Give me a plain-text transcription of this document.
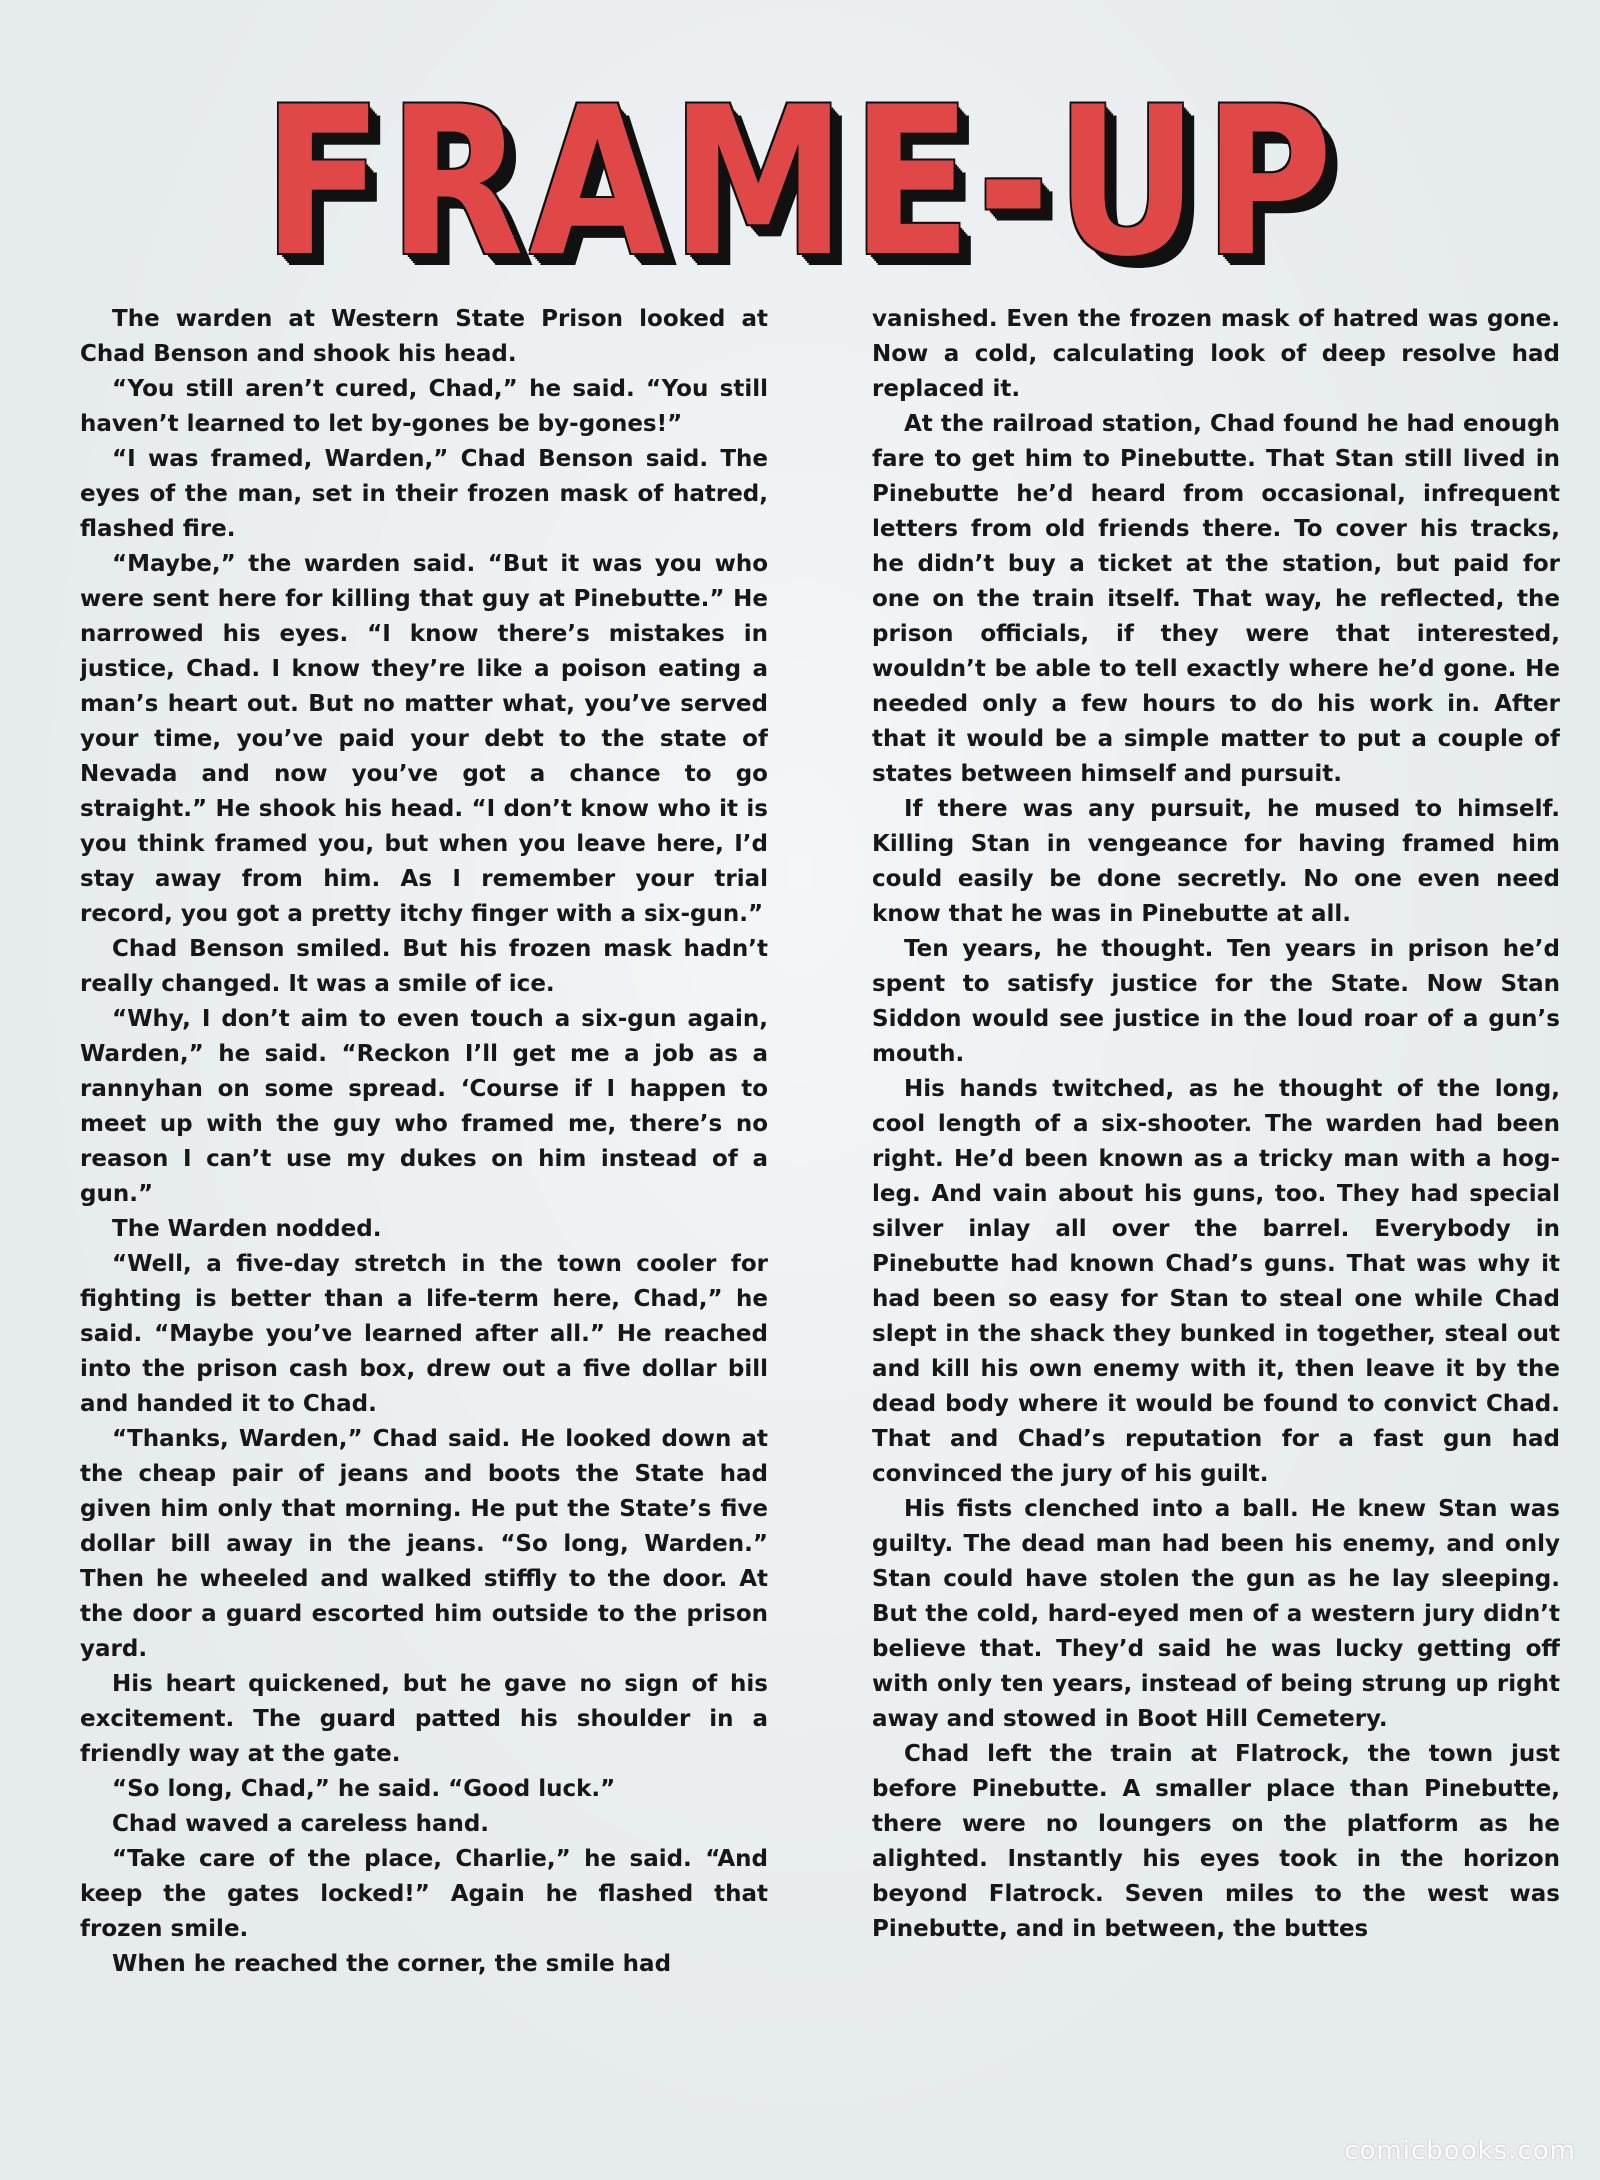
FRAME-UP

The warden at Western State Prison looked at Chad Benson and shook his head.

“You still aren’t cured, Chad,” he said. “You still haven’t learned to let by-gones be by-gones!”

“I was framed, Warden,” Chad Benson said. The eyes of the man, set in their frozen mask of hatred, flashed fire.

“Maybe,” the warden said. “But it was you who were sent here for killing that guy at Pinebutte.” He narrowed his eyes. “I know there’s mistakes in justice, Chad. I know they’re like a poison eating a man’s heart out. But no matter what, you’ve served your time, you’ve paid your debt to the state of Nevada and now you’ve got a chance to go straight.” He shook his head. “I don’t know who it is you think framed you, but when you leave here, I’d stay away from him. As I remember your trial record, you got a pretty itchy finger with a six-gun.”

Chad Benson smiled. But his frozen mask hadn’t really changed. It was a smile of ice.

“Why, I don’t aim to even touch a six-gun again, Warden,” he said. “Reckon I’ll get me a job as a rannyhan on some spread. ‘Course if I happen to meet up with the guy who framed me, there’s no reason I can’t use my dukes on him instead of a gun.”

The Warden nodded.

“Well, a five-day stretch in the town cooler for fighting is better than a life-term here, Chad,” he said. “Maybe you’ve learned after all.” He reached into the prison cash box, drew out a five dollar bill and handed it to Chad.

“Thanks, Warden,” Chad said. He looked down at the cheap pair of jeans and boots the State had given him only that morning. He put the State’s five dollar bill away in the jeans. “So long, Warden.” Then he wheeled and walked stiffly to the door. At the door a guard escorted him outside to the prison yard.

His heart quickened, but he gave no sign of his excitement. The guard patted his shoulder in a friendly way at the gate.

“So long, Chad,” he said. “Good luck.”

Chad waved a careless hand.

“Take care of the place, Charlie,” he said. “And keep the gates locked!” Again he flashed that frozen smile.

When he reached the corner, the smile had

vanished. Even the frozen mask of hatred was gone. Now a cold, calculating look of deep resolve had replaced it.

At the railroad station, Chad found he had enough fare to get him to Pinebutte. That Stan still lived in Pinebutte he’d heard from occasional, infrequent letters from old friends there. To cover his tracks, he didn’t buy a ticket at the station, but paid for one on the train itself. That way, he reflected, the prison officials, if they were that interested, wouldn’t be able to tell exactly where he’d gone. He needed only a few hours to do his work in. After that it would be a simple matter to put a couple of states between himself and pursuit.

If there was any pursuit, he mused to himself. Killing Stan in vengeance for having framed him could easily be done secretly. No one even need know that he was in Pinebutte at all.

Ten years, he thought. Ten years in prison he’d spent to satisfy justice for the State. Now Stan Siddon would see justice in the loud roar of a gun’s mouth.

His hands twitched, as he thought of the long, cool length of a six-shooter. The warden had been right. He’d been known as a tricky man with a hog-leg. And vain about his guns, too. They had special silver inlay all over the barrel. Everybody in Pinebutte had known Chad’s guns. That was why it had been so easy for Stan to steal one while Chad slept in the shack they bunked in together, steal out and kill his own enemy with it, then leave it by the dead body where it would be found to convict Chad. That and Chad’s reputation for a fast gun had convinced the jury of his guilt.

His fists clenched into a ball. He knew Stan was guilty. The dead man had been his enemy, and only Stan could have stolen the gun as he lay sleeping. But the cold, hard-eyed men of a western jury didn’t believe that. They’d said he was lucky getting off with only ten years, instead of being strung up right away and stowed in Boot Hill Cemetery.

Chad left the train at Flatrock, the town just before Pinebutte. A smaller place than Pinebutte, there were no loungers on the platform as he alighted. Instantly his eyes took in the horizon beyond Flatrock. Seven miles to the west was Pinebutte, and in between, the buttes

comicbooks.com
